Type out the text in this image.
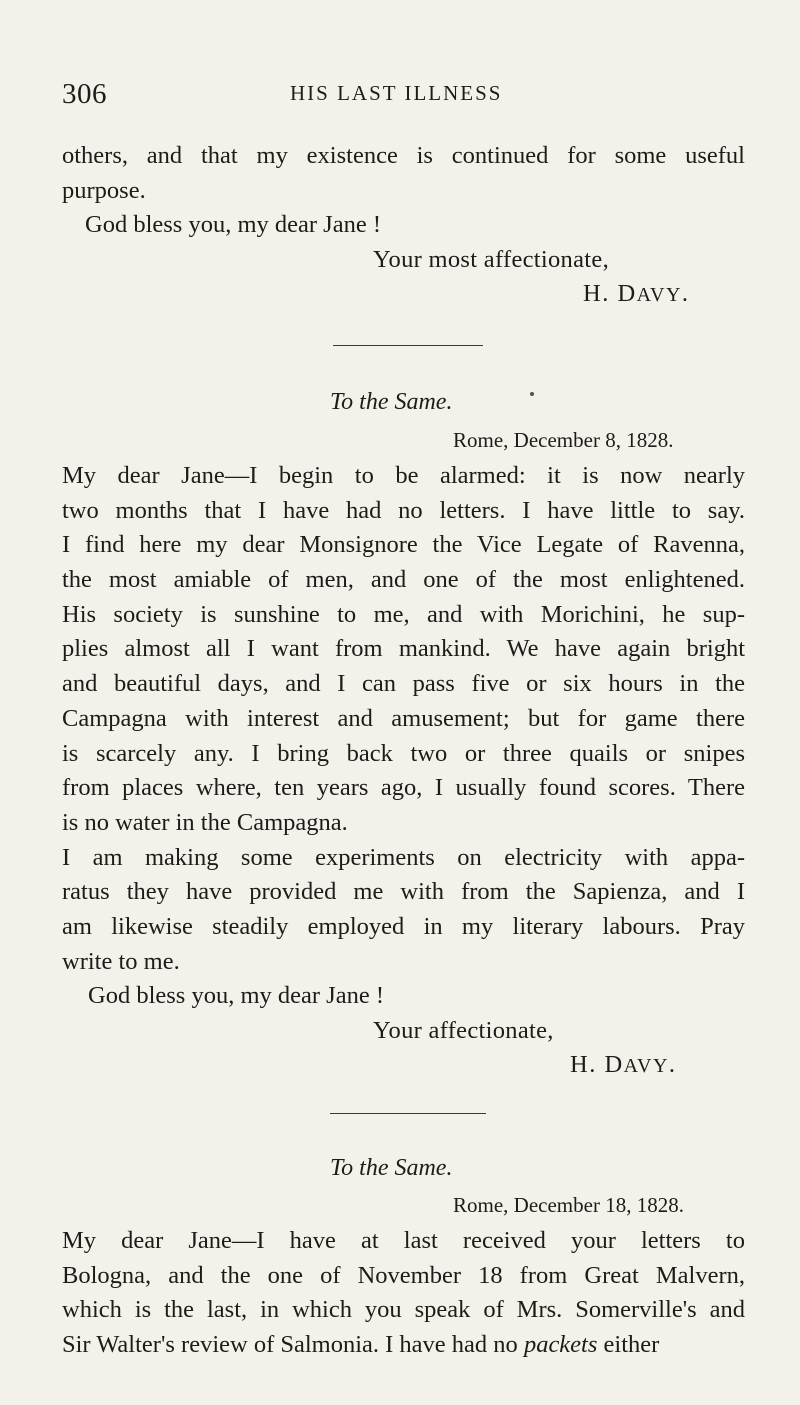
306	HIS LAST ILLNESS
others, and that my existence is continued for some useful
purpose.
God bless you, my dear Jane !
Your most affectionate,
H. DAVY.
To the Same.
Rome, December 8, 1828.
My dear Jane—I begin to be alarmed: it is now nearly
two months that I have had no letters. I have little to say.
I find here my dear Monsignore the Vice Legate of Ravenna,
the most amiable of men, and one of the most enlightened.
His society is sunshine to me, and with Morichini, he sup-
plies almost all I want from mankind. We have again bright
and beautiful days, and I can pass five or six hours in the
Campagna with interest and amusement; but for game there
is scarcely any. I bring back two or three quails or snipes
from places where, ten years ago, I usually found scores. There
is no water in the Campagna.
I am making some experiments on electricity with appa-
ratus they have provided me with from the Sapienza, and I
am likewise steadily employed in my literary labours. Pray
write to me.
God bless you, my dear Jane !
Your affectionate,
H. DAVY.
To the Same.
Rome, December 18, 1828.
My dear Jane—I have at last received your letters to
Bologna, and the one of November 18 from Great Malvern,
which is the last, in which you speak of Mrs. Somerville's and
Sir Walter's review of Salmonia. I have had no packets either
